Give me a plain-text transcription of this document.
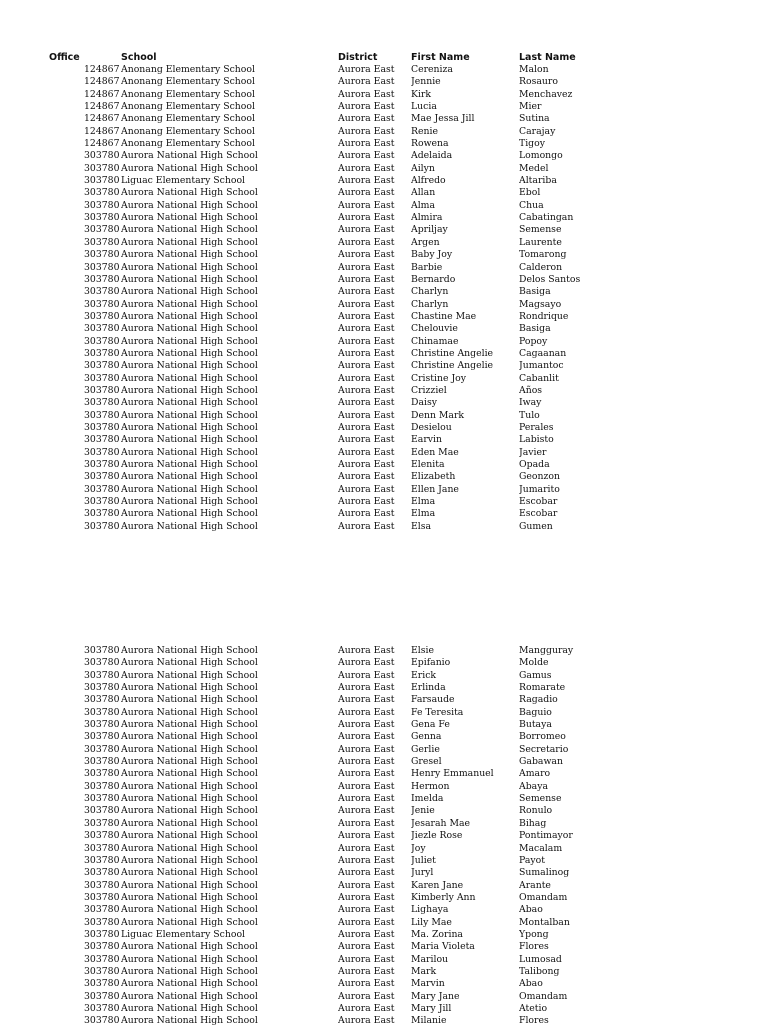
Office	School	District	First Name	Last Name
124867 Anonang Elementary School	Aurora East	Cereniza	Malon
124867 Anonang Elementary School	Aurora East	Jennie	Rosauro
124867 Anonang Elementary School	Aurora East	Kirk	Menchavez
124867 Anonang Elementary School	Aurora East	Lucia	Mier
124867 Anonang Elementary School	Aurora East	Mae Jessa Jill	Sutina
124867 Anonang Elementary School	Aurora East	Renie	Carajay
124867 Anonang Elementary School	Aurora East	Rowena	Tigoy
303780 Aurora National High School	Aurora East	Adelaida	Lomongo
303780 Aurora National High School	Aurora East	Ailyn	Medel
303780 Liguac Elementary School	Aurora East	Alfredo	Altariba
303780 Aurora National High School	Aurora East	Allan	Ebol
303780 Aurora National High School	Aurora East	Alma	Chua
303780 Aurora National High School	Aurora East	Almira	Cabatingan
303780 Aurora National High School	Aurora East	Apriljay	Semense
303780 Aurora National High School	Aurora East	Argen	Laurente
303780 Aurora National High School	Aurora East	Baby Joy	Tomarong
303780 Aurora National High School	Aurora East	Barbie	Calderon
303780 Aurora National High School	Aurora East	Bernardo	Delos Santos
303780 Aurora National High School	Aurora East	Charlyn	Basiga
303780 Aurora National High School	Aurora East	Charlyn	Magsayo
303780 Aurora National High School	Aurora East	Chastine Mae	Rondrique
303780 Aurora National High School	Aurora East	Chelouvie	Basiga
303780 Aurora National High School	Aurora East	Chinamae	Popoy
303780 Aurora National High School	Aurora East	Christine Angelie	Cagaanan
303780 Aurora National High School	Aurora East	Christine Angelie	Jumantoc
303780 Aurora National High School	Aurora East	Cristine Joy	Cabanlit
303780 Aurora National High School	Aurora East	Crizziel	Años
303780 Aurora National High School	Aurora East	Daisy	Iway
303780 Aurora National High School	Aurora East	Denn Mark	Tulo
303780 Aurora National High School	Aurora East	Desielou	Perales
303780 Aurora National High School	Aurora East	Earvin	Labisto
303780 Aurora National High School	Aurora East	Eden Mae	Javier
303780 Aurora National High School	Aurora East	Elenita	Opada
303780 Aurora National High School	Aurora East	Elizabeth	Geonzon
303780 Aurora National High School	Aurora East	Ellen Jane	Jumarito
303780 Aurora National High School	Aurora East	Elma	Escobar
303780 Aurora National High School	Aurora East	Elma	Escobar
303780 Aurora National High School	Aurora East	Elsa	Gumen
303780 Aurora National High School	Aurora East	Elsie	Mangguray
303780 Aurora National High School	Aurora East	Epifanio	Molde
303780 Aurora National High School	Aurora East	Erick	Gamus
303780 Aurora National High School	Aurora East	Erlinda	Romarate
303780 Aurora National High School	Aurora East	Farsaude	Ragadio
303780 Aurora National High School	Aurora East	Fe Teresita	Baguio
303780 Aurora National High School	Aurora East	Gena Fe	Butaya
303780 Aurora National High School	Aurora East	Genna	Borromeo
303780 Aurora National High School	Aurora East	Gerlie	Secretario
303780 Aurora National High School	Aurora East	Gresel	Gabawan
303780 Aurora National High School	Aurora East	Henry Emmanuel	Amaro
303780 Aurora National High School	Aurora East	Hermon	Abaya
303780 Aurora National High School	Aurora East	Imelda	Semense
303780 Aurora National High School	Aurora East	Jenie	Ronulo
303780 Aurora National High School	Aurora East	Jesarah Mae	Bihag
303780 Aurora National High School	Aurora East	Jiezle Rose	Pontimayor
303780 Aurora National High School	Aurora East	Joy	Macalam
303780 Aurora National High School	Aurora East	Juliet	Payot
303780 Aurora National High School	Aurora East	Juryl	Sumalinog
303780 Aurora National High School	Aurora East	Karen Jane	Arante
303780 Aurora National High School	Aurora East	Kimberly Ann	Omandam
303780 Aurora National High School	Aurora East	Lighaya	Abao
303780 Aurora National High School	Aurora East	Lily Mae	Montalban
303780 Liguac Elementary School	Aurora East	Ma. Zorina	Ypong
303780 Aurora National High School	Aurora East	Maria Violeta	Flores
303780 Aurora National High School	Aurora East	Marilou	Lumosad
303780 Aurora National High School	Aurora East	Mark	Talibong
303780 Aurora National High School	Aurora East	Marvin	Abao
303780 Aurora National High School	Aurora East	Mary Jane	Omandam
303780 Aurora National High School	Aurora East	Mary Jill	Atetio
303780 Aurora National High School	Aurora East	Milanie	Flores
